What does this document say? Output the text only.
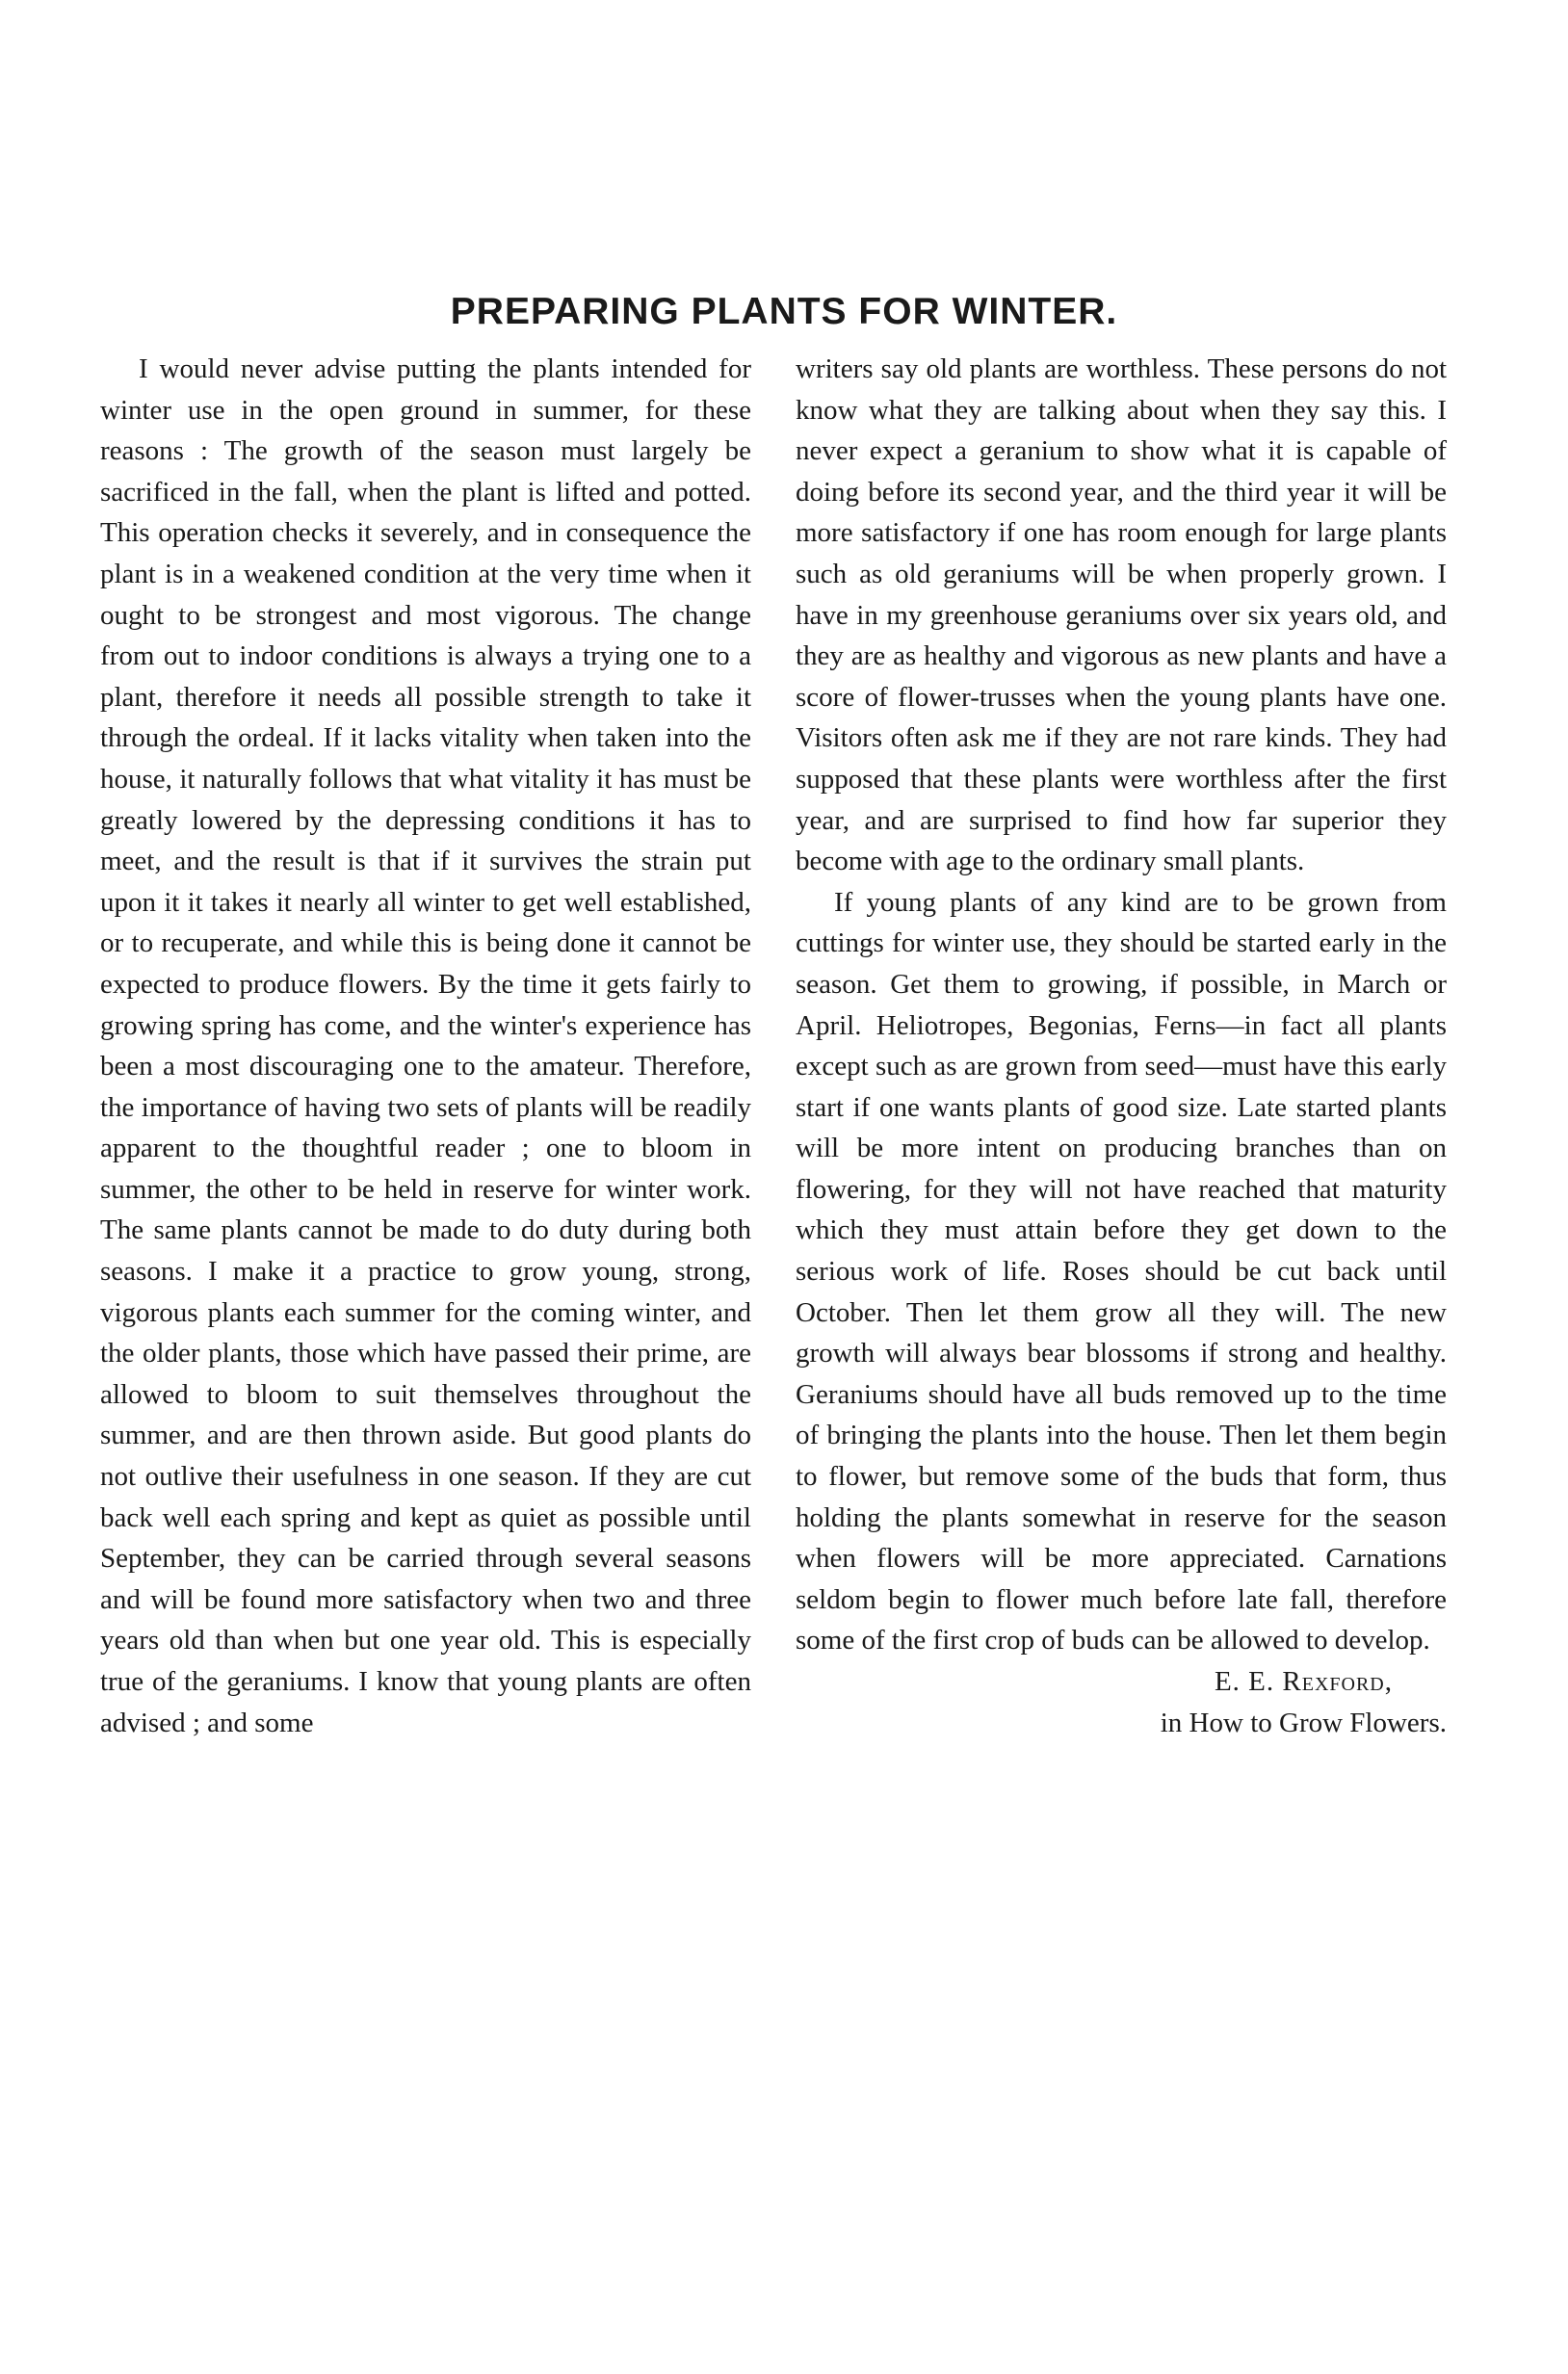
PREPARING PLANTS FOR WINTER.

I would never advise putting the plants intended for winter use in the open ground in summer, for these reasons : The growth of the season must largely be sacrificed in the fall, when the plant is lifted and potted. This operation checks it severely, and in consequence the plant is in a weakened condition at the very time when it ought to be strongest and most vigorous. The change from out to indoor conditions is always a trying one to a plant, therefore it needs all possible strength to take it through the ordeal. If it lacks vitality when taken into the house, it naturally follows that what vitality it has must be greatly lowered by the depressing conditions it has to meet, and the result is that if it survives the strain put upon it it takes it nearly all winter to get well established, or to recuperate, and while this is being done it cannot be expected to produce flowers. By the time it gets fairly to growing spring has come, and the winter's experience has been a most discouraging one to the amateur. Therefore, the importance of having two sets of plants will be readily apparent to the thoughtful reader ; one to bloom in summer, the other to be held in reserve for winter work. The same plants cannot be made to do duty during both seasons. I make it a practice to grow young, strong, vigorous plants each summer for the coming winter, and the older plants, those which have passed their prime, are allowed to bloom to suit themselves throughout the summer, and are then thrown aside. But good plants do not outlive their usefulness in one season. If they are cut back well each spring and kept as quiet as possible until September, they can be carried through several seasons and will be found more satisfactory when two and three years old than when but one year old. This is especially true of the geraniums. I know that young plants are often advised ; and some

writers say old plants are worthless. These persons do not know what they are talking about when they say this. I never expect a geranium to show what it is capable of doing before its second year, and the third year it will be more satisfactory if one has room enough for large plants such as old geraniums will be when properly grown. I have in my greenhouse geraniums over six years old, and they are as healthy and vigorous as new plants and have a score of flower-trusses when the young plants have one. Visitors often ask me if they are not rare kinds. They had supposed that these plants were worthless after the first year, and are surprised to find how far superior they become with age to the ordinary small plants.

If young plants of any kind are to be grown from cuttings for winter use, they should be started early in the season. Get them to growing, if possible, in March or April. Heliotropes, Begonias, Ferns—in fact all plants except such as are grown from seed—must have this early start if one wants plants of good size. Late started plants will be more intent on producing branches than on flowering, for they will not have reached that maturity which they must attain before they get down to the serious work of life. Roses should be cut back until October. Then let them grow all they will. The new growth will always bear blossoms if strong and healthy. Geraniums should have all buds removed up to the time of bringing the plants into the house. Then let them begin to flower, but remove some of the buds that form, thus holding the plants somewhat in reserve for the season when flowers will be more appreciated. Carnations seldom begin to flower much before late fall, therefore some of the first crop of buds can be allowed to develop.

E. E. Rexford,

in How to Grow Flowers.
